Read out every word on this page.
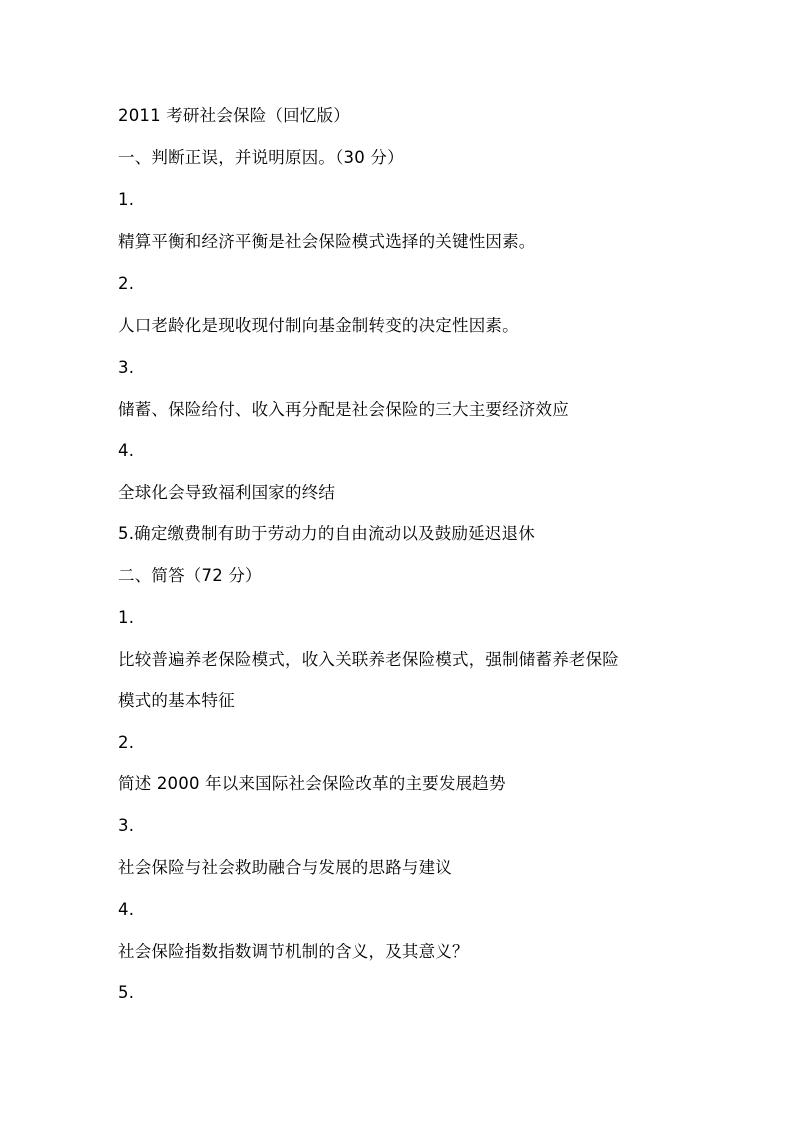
2011 考研社会保险（回忆版）
一、判断正误，并说明原因。（30 分）
1.
精算平衡和经济平衡是社会保险模式选择的关键性因素。
2.
人口老龄化是现收现付制向基金制转变的决定性因素。
3.
储蓄、保险给付、收入再分配是社会保险的三大主要经济效应
4.
全球化会导致福利国家的终结
5.确定缴费制有助于劳动力的自由流动以及鼓励延迟退休
二、简答（72 分）
1.
比较普遍养老保险模式，收入关联养老保险模式，强制储蓄养老保险
模式的基本特征
2.
简述 2000 年以来国际社会保险改革的主要发展趋势
3.
社会保险与社会救助融合与发展的思路与建议
4.
社会保险指数指数调节机制的含义，及其意义？
5.
